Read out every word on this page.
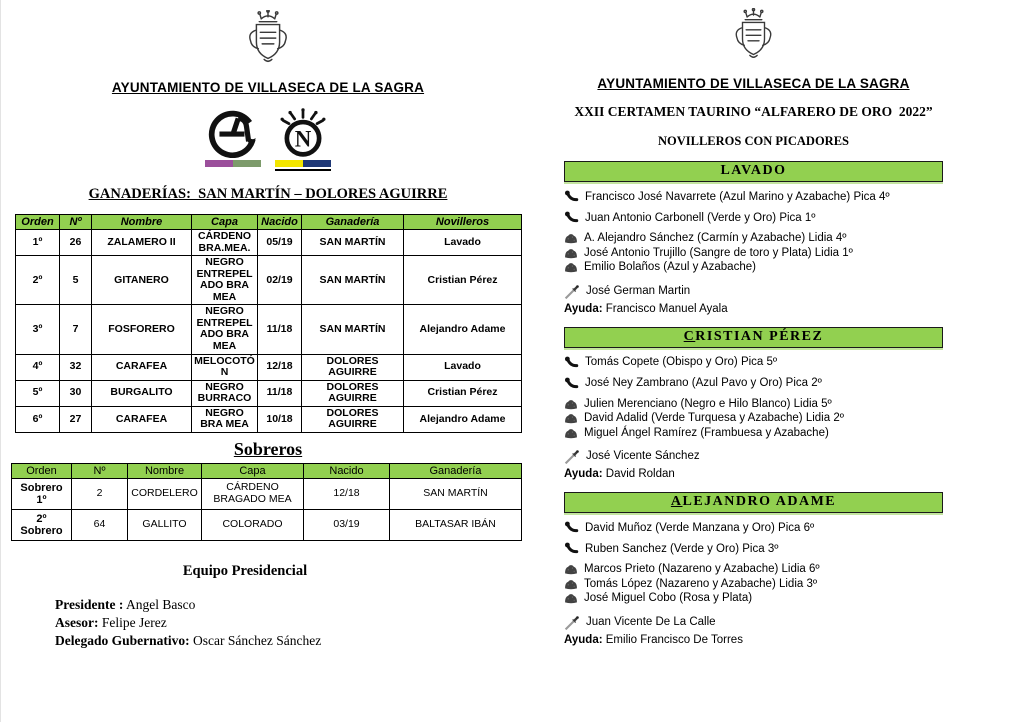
AYUNTAMIENTO DE VILLASECA DE LA SAGRA
N
GANADERÍAS:  SAN MARTÍN – DOLORES AGUIRRE
Orden	Nº	Nombre	Capa	Nacido	Ganadería	Novilleros
1º	26	ZALAMERO II	CÁRDENO BRA.MEA.	05/19	SAN MARTÍN	Lavado
2º	5	GITANERO	NEGRO ENTREPELADO BRA MEA	02/19	SAN MARTÍN	Cristian Pérez
3º	7	FOSFORERO	NEGRO ENTREPELADO BRA MEA	11/18	SAN MARTÍN	Alejandro Adame
4º	32	CARAFEA	MELOCOTÓN	12/18	DOLORES AGUIRRE	Lavado
5º	30	BURGALITO	NEGRO BURRACO	11/18	DOLORES AGUIRRE	Cristian Pérez
6º	27	CARAFEA	NEGRO BRA MEA	10/18	DOLORES AGUIRRE	Alejandro Adame
Sobreros
Orden	Nº	Nombre	Capa	Nacido	Ganadería
Sobrero 1º	2	CORDELERO	CÁRDENO BRAGADO MEA	12/18	SAN MARTÍN
2º Sobrero	64	GALLITO	COLORADO	03/19	BALTASAR IBÁN
Equipo Presidencial
Presidente : Angel Basco
Asesor: Felipe Jerez
Delegado Gubernativo: Oscar Sánchez Sánchez
AYUNTAMIENTO DE VILLASECA DE LA SAGRA
XXII CERTAMEN TAURINO “ALFARERO DE ORO  2022”
NOVILLEROS CON PICADORES
LAVADO
Francisco José Navarrete (Azul Marino y Azabache) Pica 4º
Juan Antonio Carbonell (Verde y Oro) Pica 1º
A. Alejandro Sánchez (Carmín y Azabache) Lidia 4º
José Antonio Trujillo (Sangre de toro y Plata) Lidia 1º
Emilio Bolaños (Azul y Azabache)
José German Martin
Ayuda: Francisco Manuel Ayala
CRISTIAN PÉREZ
Tomás Copete (Obispo y Oro) Pica 5º
José Ney Zambrano (Azul Pavo y Oro) Pica 2º
Julien Merenciano (Negro e Hilo Blanco) Lidia 5º
David Adalid (Verde Turquesa y Azabache) Lidia 2º
Miguel Ángel Ramírez (Frambuesa y Azabache)
José Vicente Sánchez
Ayuda: David Roldan
ALEJANDRO ADAME
David Muñoz (Verde Manzana y Oro) Pica 6º
Ruben Sanchez (Verde y Oro) Pica 3º
Marcos Prieto (Nazareno y Azabache) Lidia 6º
Tomás López (Nazareno y Azabache) Lidia 3º
José Miguel Cobo (Rosa y Plata)
Juan Vicente De La Calle
Ayuda: Emilio Francisco De Torres
